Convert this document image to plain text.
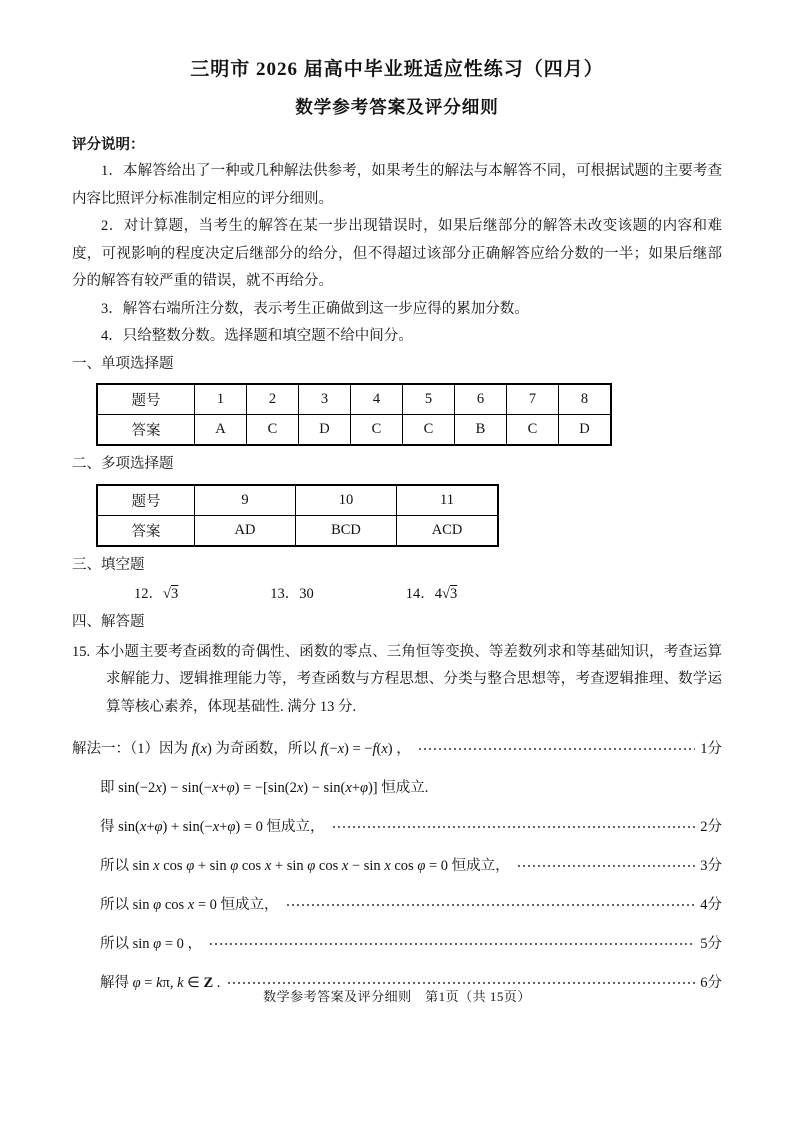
三明市 2026 届高中毕业班适应性练习（四月）
数学参考答案及评分细则
评分说明：
1．本解答给出了一种或几种解法供参考，如果考生的解法与本解答不同，可根据试题的主要考查内容比照评分标准制定相应的评分细则。
2．对计算题，当考生的解答在某一步出现错误时，如果后继部分的解答未改变该题的内容和难度，可视影响的程度决定后继部分的给分，但不得超过该部分正确解答应给分数的一半；如果后继部分的解答有较严重的错误，就不再给分。
3．解答右端所注分数，表示考生正确做到这一步应得的累加分数。
4．只给整数分数。选择题和填空题不给中间分。
一、单项选择题
题号	1	2	3	4	5	6	7	8
答案	A	C	D	C	C	B	C	D
二、多项选择题
题号	9	10	11
答案	AD	BCD	ACD
三、填空题
12．√3	13．30	14．4√3
四、解答题
15. 本小题主要考查函数的奇偶性、函数的零点、三角恒等变换、等差数列求和等基础知识，考查运算求解能力、逻辑推理能力等，考查函数与方程思想、分类与整合思想等，考查逻辑推理、数学运算等核心素养，体现基础性. 满分 13 分.
解法一：（1）因为 f(x) 为奇函数，所以 f(−x) = −f(x) ，	1分
即 sin(−2x) − sin(−x+φ) = −[sin(2x) − sin(x+φ)] 恒成立.
得 sin(x+φ) + sin(−x+φ) = 0 恒成立，	2分
所以 sin x cos φ + sin φ cos x + sin φ cos x − sin x cos φ = 0 恒成立，	3分
所以 sin φ cos x = 0 恒成立，	4分
所以 sin φ = 0 ，	5分
解得 φ = kπ, k ∈ Z .	6分
数学参考答案及评分细则　第1页（共 15页）
